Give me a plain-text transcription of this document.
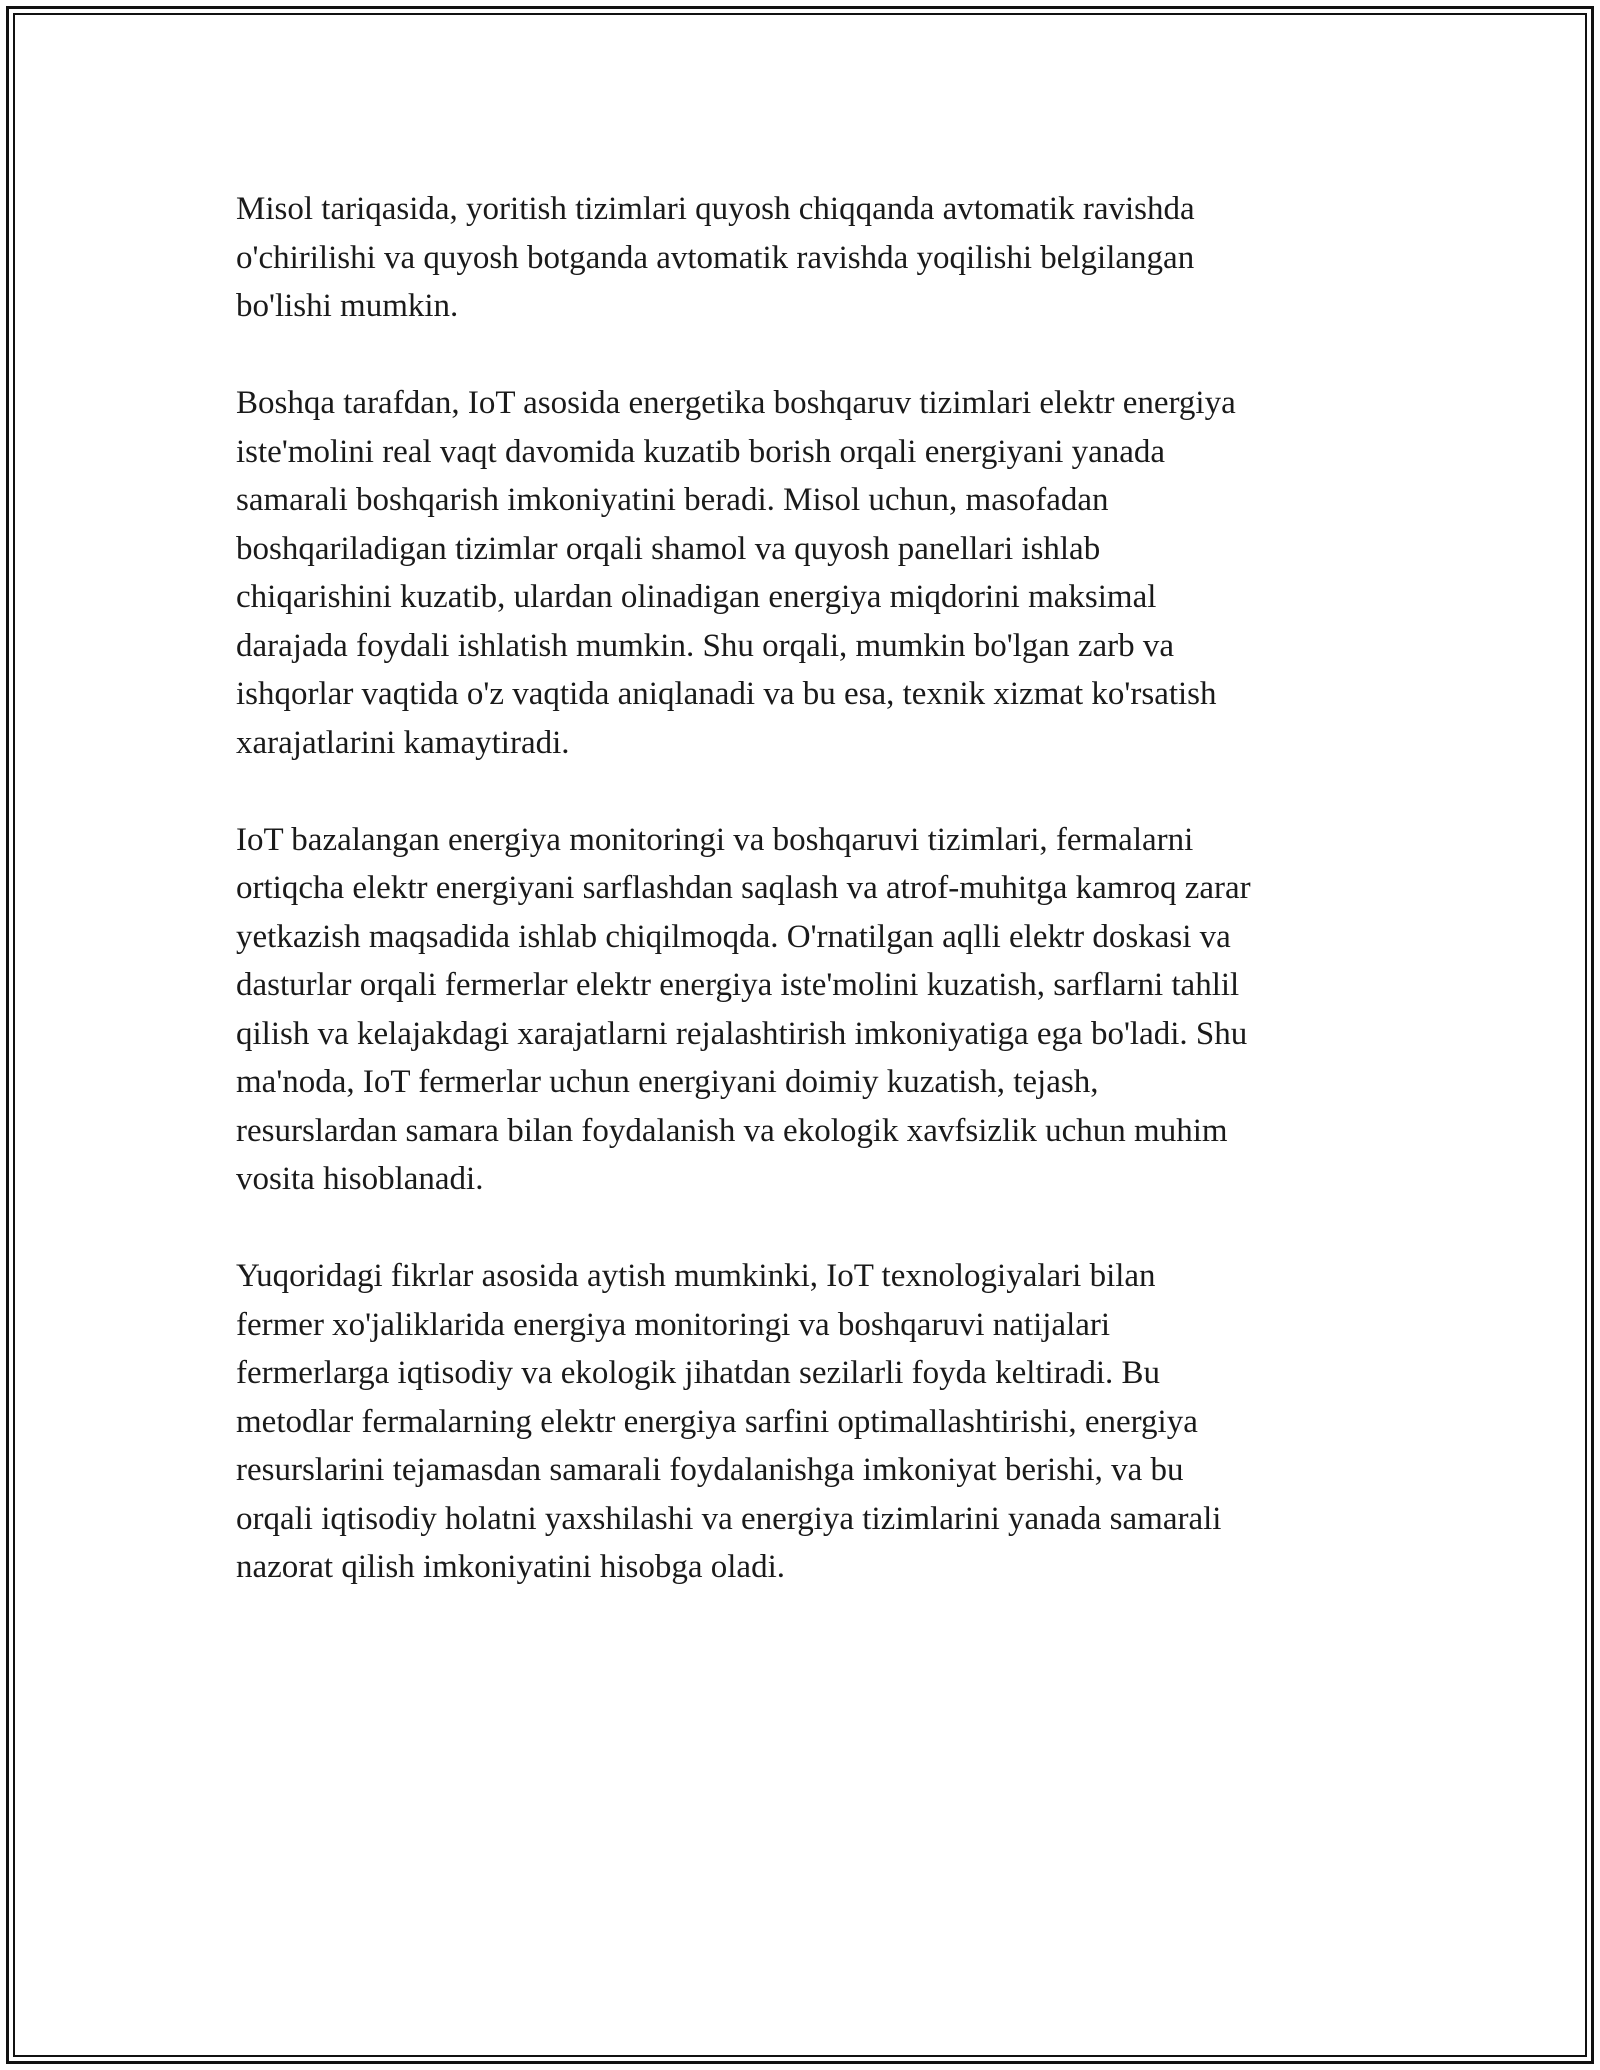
Misol tariqasida, yoritish tizimlari quyosh chiqqanda avtomatik ravishda
o'chirilishi va quyosh botganda avtomatik ravishda yoqilishi belgilangan
bo'lishi mumkin.

Boshqa tarafdan, IoT asosida energetika boshqaruv tizimlari elektr energiya
iste'molini real vaqt davomida kuzatib borish orqali energiyani yanada
samarali boshqarish imkoniyatini beradi. Misol uchun, masofadan
boshqariladigan tizimlar orqali shamol va quyosh panellari ishlab
chiqarishini kuzatib, ulardan olinadigan energiya miqdorini maksimal
darajada foydali ishlatish mumkin. Shu orqali, mumkin bo'lgan zarb va
ishqorlar vaqtida o'z vaqtida aniqlanadi va bu esa, texnik xizmat ko'rsatish
xarajatlarini kamaytiradi.

IoT bazalangan energiya monitoringi va boshqaruvi tizimlari, fermalarni
ortiqcha elektr energiyani sarflashdan saqlash va atrof-muhitga kamroq zarar
yetkazish maqsadida ishlab chiqilmoqda. O'rnatilgan aqlli elektr doskasi va
dasturlar orqali fermerlar elektr energiya iste'molini kuzatish, sarflarni tahlil
qilish va kelajakdagi xarajatlarni rejalashtirish imkoniyatiga ega bo'ladi. Shu
ma'noda, IoT fermerlar uchun energiyani doimiy kuzatish, tejash,
resurslardan samara bilan foydalanish va ekologik xavfsizlik uchun muhim
vosita hisoblanadi.

Yuqoridagi fikrlar asosida aytish mumkinki, IoT texnologiyalari bilan
fermer xo'jaliklarida energiya monitoringi va boshqaruvi natijalari
fermerlarga iqtisodiy va ekologik jihatdan sezilarli foyda keltiradi. Bu
metodlar fermalarning elektr energiya sarfini optimallashtirishi, energiya
resurslarini tejamasdan samarali foydalanishga imkoniyat berishi, va bu
orqali iqtisodiy holatni yaxshilashi va energiya tizimlarini yanada samarali
nazorat qilish imkoniyatini hisobga oladi.
